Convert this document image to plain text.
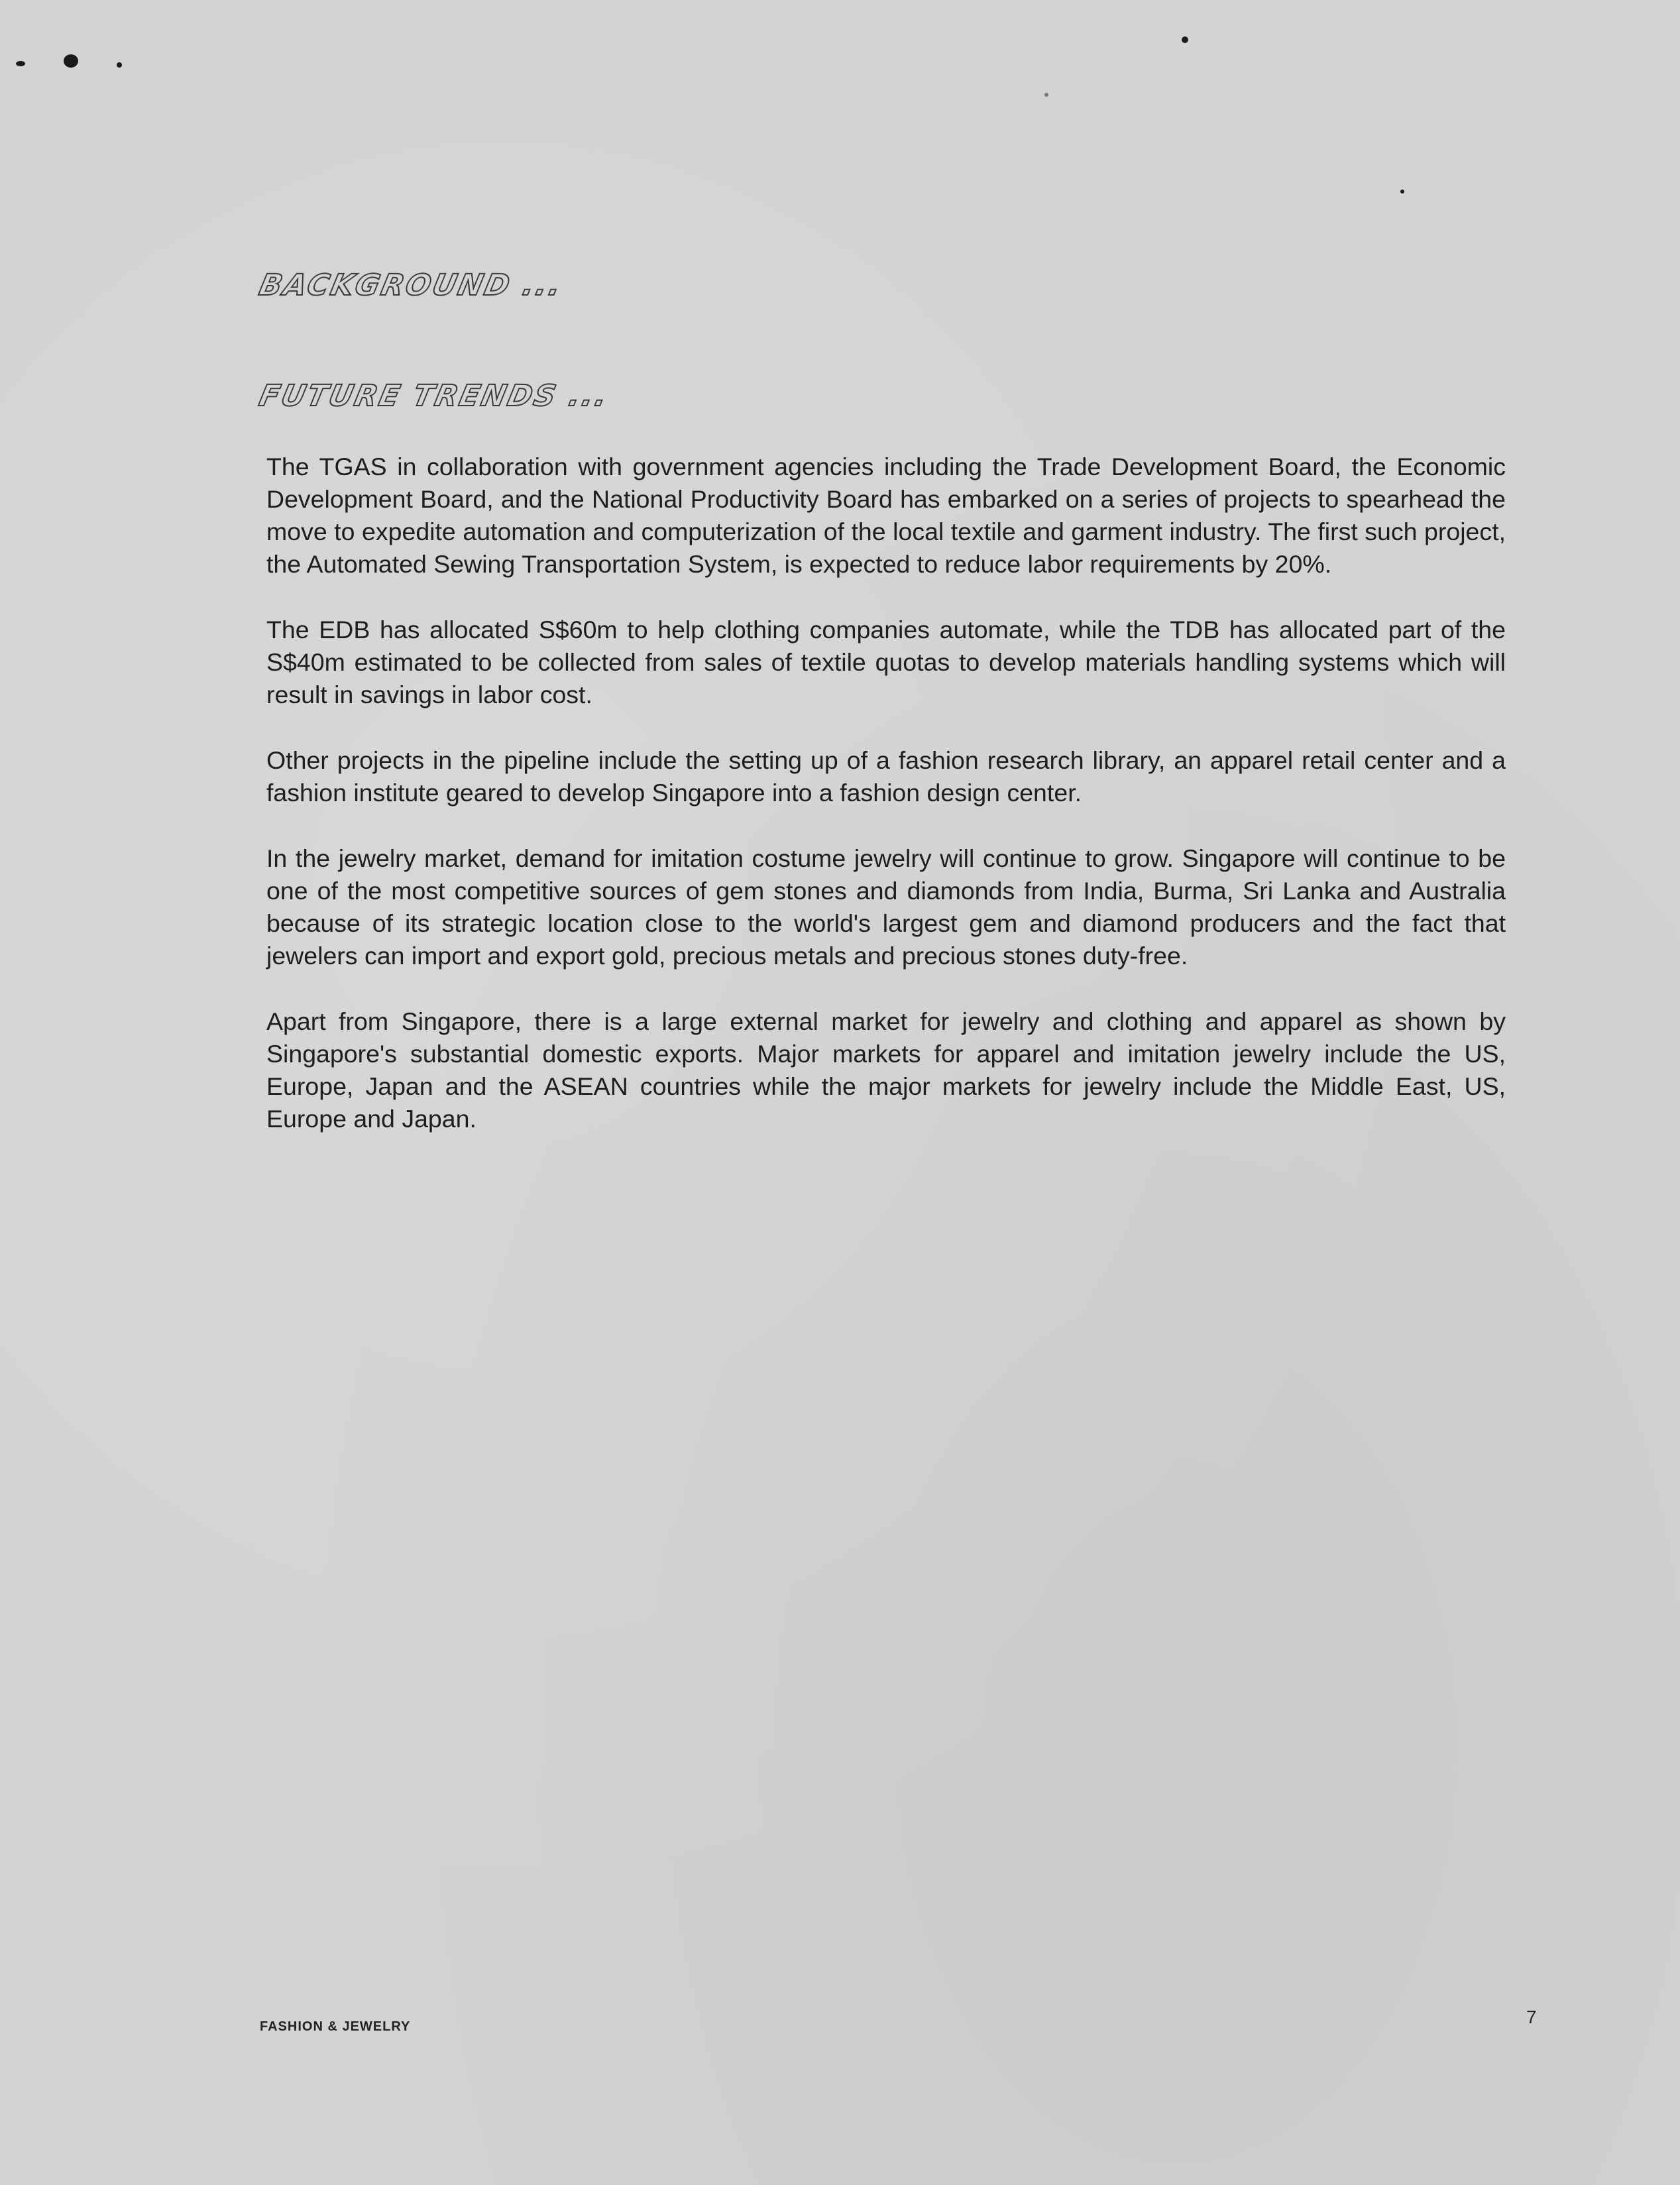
BACKGROUND ...
FUTURE TRENDS ...

The TGAS in collaboration with government agencies including the Trade Development Board, the Economic Development Board, and the National Productivity Board has embarked on a series of projects to spearhead the move to expedite automation and computerization of the local textile and garment industry. The first such project, the Automated Sewing Transportation System, is expected to reduce labor requirements by 20%.

The EDB has allocated S$60m to help clothing companies automate, while the TDB has allocated part of the S$40m estimated to be collected from sales of textile quotas to develop materials handling systems which will result in savings in labor cost.

Other projects in the pipeline include the setting up of a fashion research library, an apparel retail center and a fashion institute geared to develop Singapore into a fashion design center.

In the jewelry market, demand for imitation costume jewelry will continue to grow. Singapore will continue to be one of the most competitive sources of gem stones and diamonds from India, Burma, Sri Lanka and Australia because of its strategic location close to the world's largest gem and diamond producers and the fact that jewelers can import and export gold, precious metals and precious stones duty-free.

Apart from Singapore, there is a large external market for jewelry and clothing and apparel as shown by Singapore's substantial domestic exports. Major markets for apparel and imitation jewelry include the US, Europe, Japan and the ASEAN countries while the major markets for jewelry include the Middle East, US, Europe and Japan.

FASHION & JEWELRY	7
